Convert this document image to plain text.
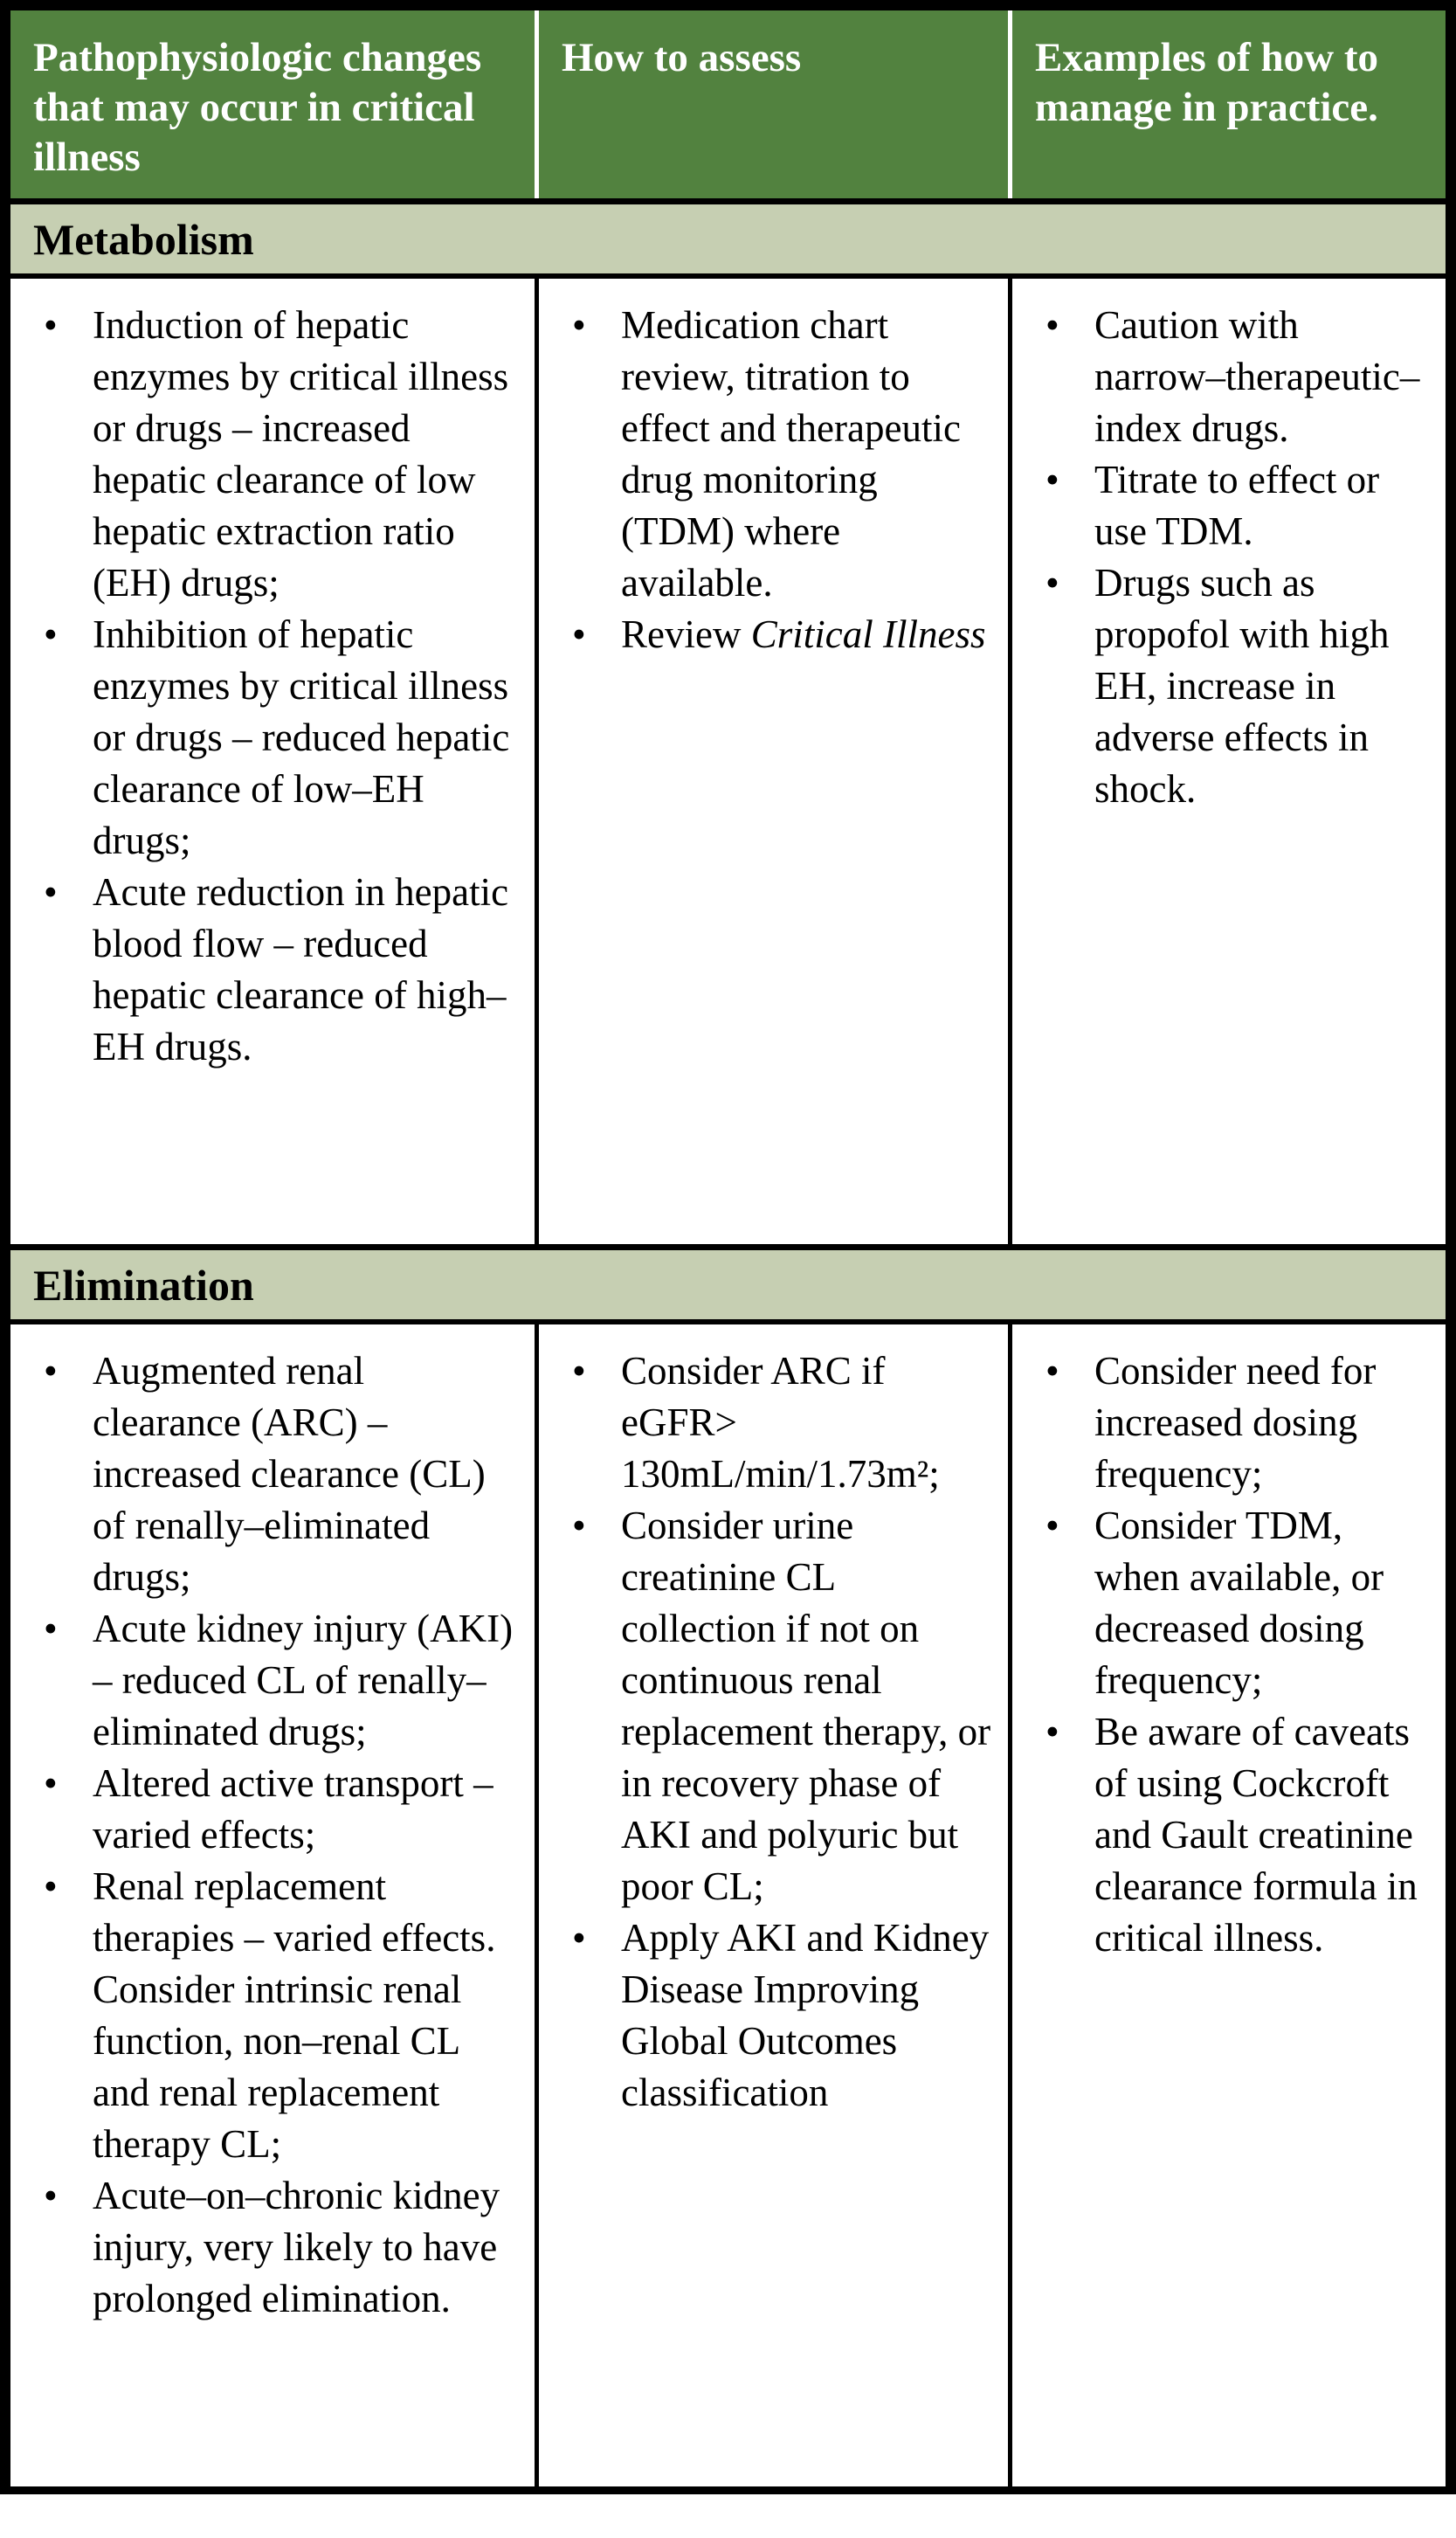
Pathophysiologic changes that may occur in critical illness
How to assess	Examples of how to manage in practice.
Metabolism
• Induction of hepatic enzymes by critical illness or drugs – increased hepatic clearance of low hepatic extraction ratio (EH) drugs;
• Inhibition of hepatic enzymes by critical illness or drugs – reduced hepatic clearance of low–EH drugs;
• Acute reduction in hepatic blood flow – reduced hepatic clearance of high–EH drugs.
• Medication chart review, titration to effect and therapeutic drug monitoring (TDM) where available.
• Review Critical Illness
• Caution with narrow–therapeutic–index drugs.
• Titrate to effect or use TDM.
• Drugs such as propofol with high EH, increase in adverse effects in shock.
Elimination
• Augmented renal clearance (ARC) – increased clearance (CL) of renally–eliminated drugs;
• Acute kidney injury (AKI) – reduced CL of renally–eliminated drugs;
• Altered active transport – varied effects;
• Renal replacement therapies – varied effects. Consider intrinsic renal function, non–renal CL and renal replacement therapy CL;
• Acute–on–chronic kidney injury, very likely to have prolonged elimination.
• Consider ARC if eGFR> 130mL/min/1.73m²;
• Consider urine creatinine CL collection if not on continuous renal replacement therapy, or in recovery phase of AKI and polyuric but poor CL;
• Apply AKI and Kidney Disease Improving Global Outcomes classification
• Consider need for increased dosing frequency;
• Consider TDM, when available, or decreased dosing frequency;
• Be aware of caveats of using Cockcroft and Gault creatinine clearance formula in critical illness.
